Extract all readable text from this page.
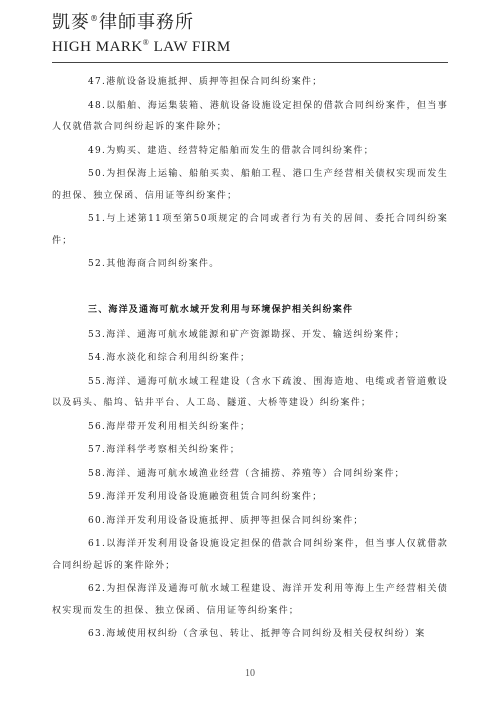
凱麥®律師事務所
HIGH MARK® LAW FIRM

47.港航设备设施抵押、质押等担保合同纠纷案件；

48.以船舶、海运集装箱、港航设备设施设定担保的借款合同纠纷案件，但当事人仅就借款合同纠纷起诉的案件除外；

49.为购买、建造、经营特定船舶而发生的借款合同纠纷案件；

50.为担保海上运输、船舶买卖、船舶工程、港口生产经营相关债权实现而发生的担保、独立保函、信用证等纠纷案件；

51.与上述第11项至第50项规定的合同或者行为有关的居间、委托合同纠纷案件；

52.其他海商合同纠纷案件。

三、海洋及通海可航水域开发利用与环境保护相关纠纷案件

53.海洋、通海可航水域能源和矿产资源勘探、开发、输送纠纷案件；

54.海水淡化和综合利用纠纷案件；

55.海洋、通海可航水域工程建设（含水下疏浚、围海造地、电缆或者管道敷设以及码头、船坞、钻井平台、人工岛、隧道、大桥等建设）纠纷案件；

56.海岸带开发利用相关纠纷案件；

57.海洋科学考察相关纠纷案件；

58.海洋、通海可航水域渔业经营（含捕捞、养殖等）合同纠纷案件；

59.海洋开发利用设备设施融资租赁合同纠纷案件；

60.海洋开发利用设备设施抵押、质押等担保合同纠纷案件；

61.以海洋开发利用设备设施设定担保的借款合同纠纷案件，但当事人仅就借款合同纠纷起诉的案件除外；

62.为担保海洋及通海可航水域工程建设、海洋开发利用等海上生产经营相关债权实现而发生的担保、独立保函、信用证等纠纷案件；

63.海域使用权纠纷（含承包、转让、抵押等合同纠纷及相关侵权纠纷）案

10
